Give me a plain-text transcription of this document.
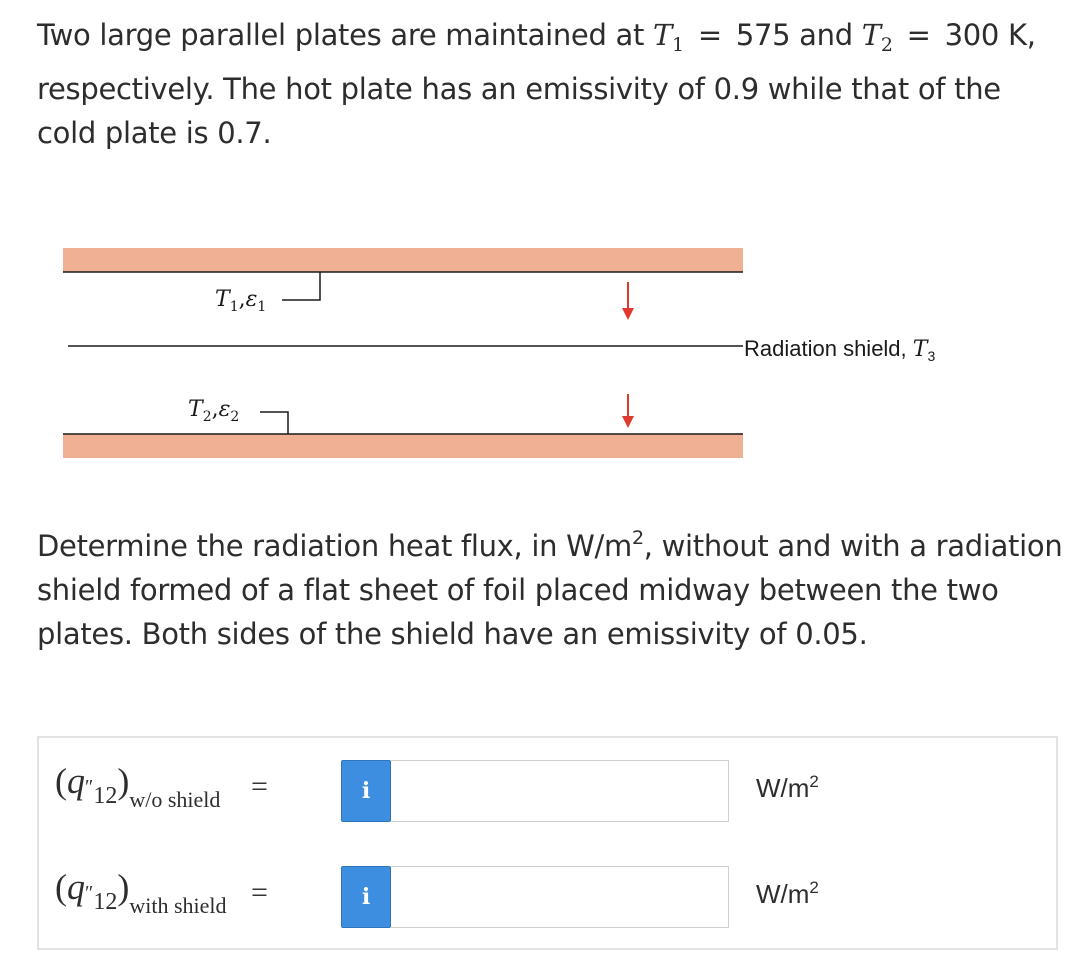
Two large parallel plates are maintained at $T_1 = 575$ and $T_2 = 300$ K, respectively. The hot plate has an emissivity of 0.9 while that of the cold plate is 0.7.
$T_1,\varepsilon_1$
$T_2,\varepsilon_2$
Radiation shield, $T_3$
Determine the radiation heat flux, in $W/m^2$, without and with a radiation shield formed of a flat sheet of foil placed midway between the two plates. Both sides of the shield have an emissivity of 0.05.
$(q''_{12})_{w/o shield}$ =	i	$W/m^2$
$(q''_{12})_{with shield}$ =	i	$W/m^2$
